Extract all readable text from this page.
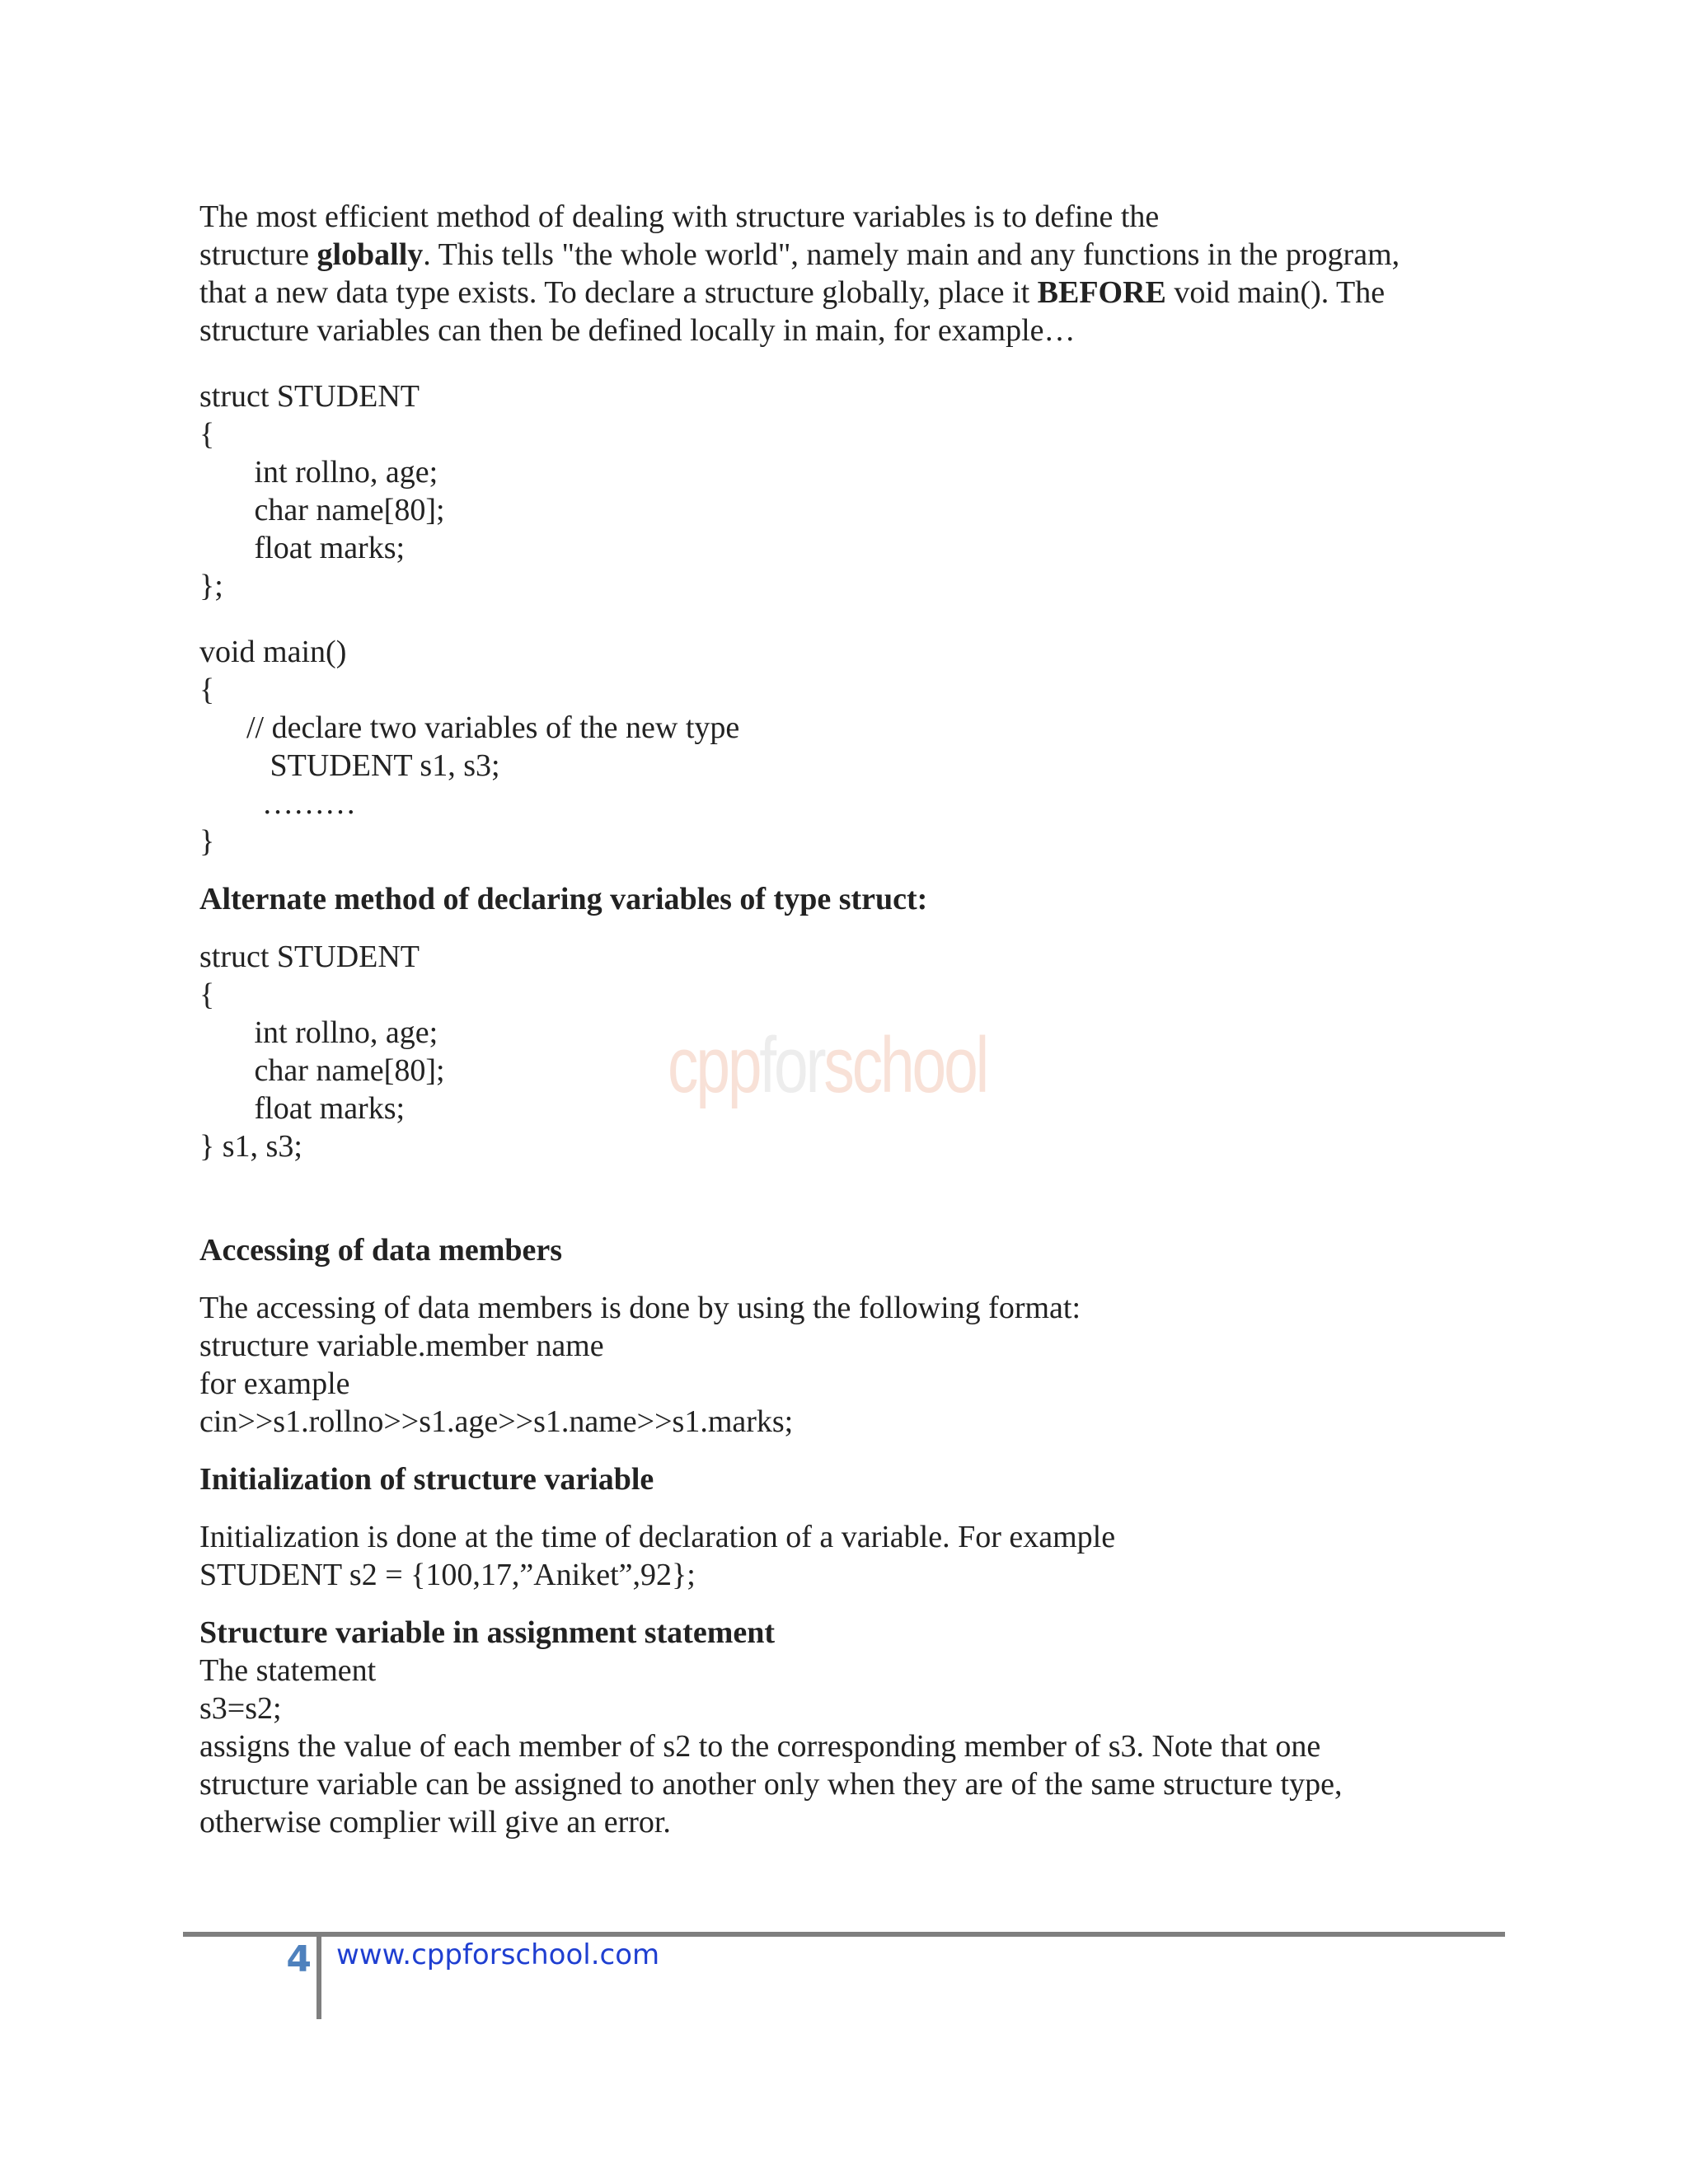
cppforschool

The most efficient method of dealing with structure variables is to define the
structure globally. This tells "the whole world", namely main and any functions in the program,
that a new data type exists. To declare a structure globally, place it BEFORE void main(). The
structure variables can then be defined locally in main, for example…

struct STUDENT
{
int rollno, age;
char name[80];
float marks;
};

void main()
{
// declare two variables of the new type
STUDENT s1, s3;
………
}

Alternate method of declaring variables of type struct:

struct STUDENT
{
int rollno, age;
char name[80];
float marks;
} s1, s3;

Accessing of data members

The accessing of data members is done by using the following format:
structure variable.member name
for example
cin>>s1.rollno>>s1.age>>s1.name>>s1.marks;

Initialization of structure variable

Initialization is done at the time of declaration of a variable. For example
STUDENT s2 = {100,17,”Aniket”,92};

Structure variable in assignment statement

The statement
s3=s2;
assigns the value of each member of s2 to the corresponding member of s3. Note that one
structure variable can be assigned to another only when they are of the same structure type,
otherwise complier will give an error.

4 www.cppforschool.com
